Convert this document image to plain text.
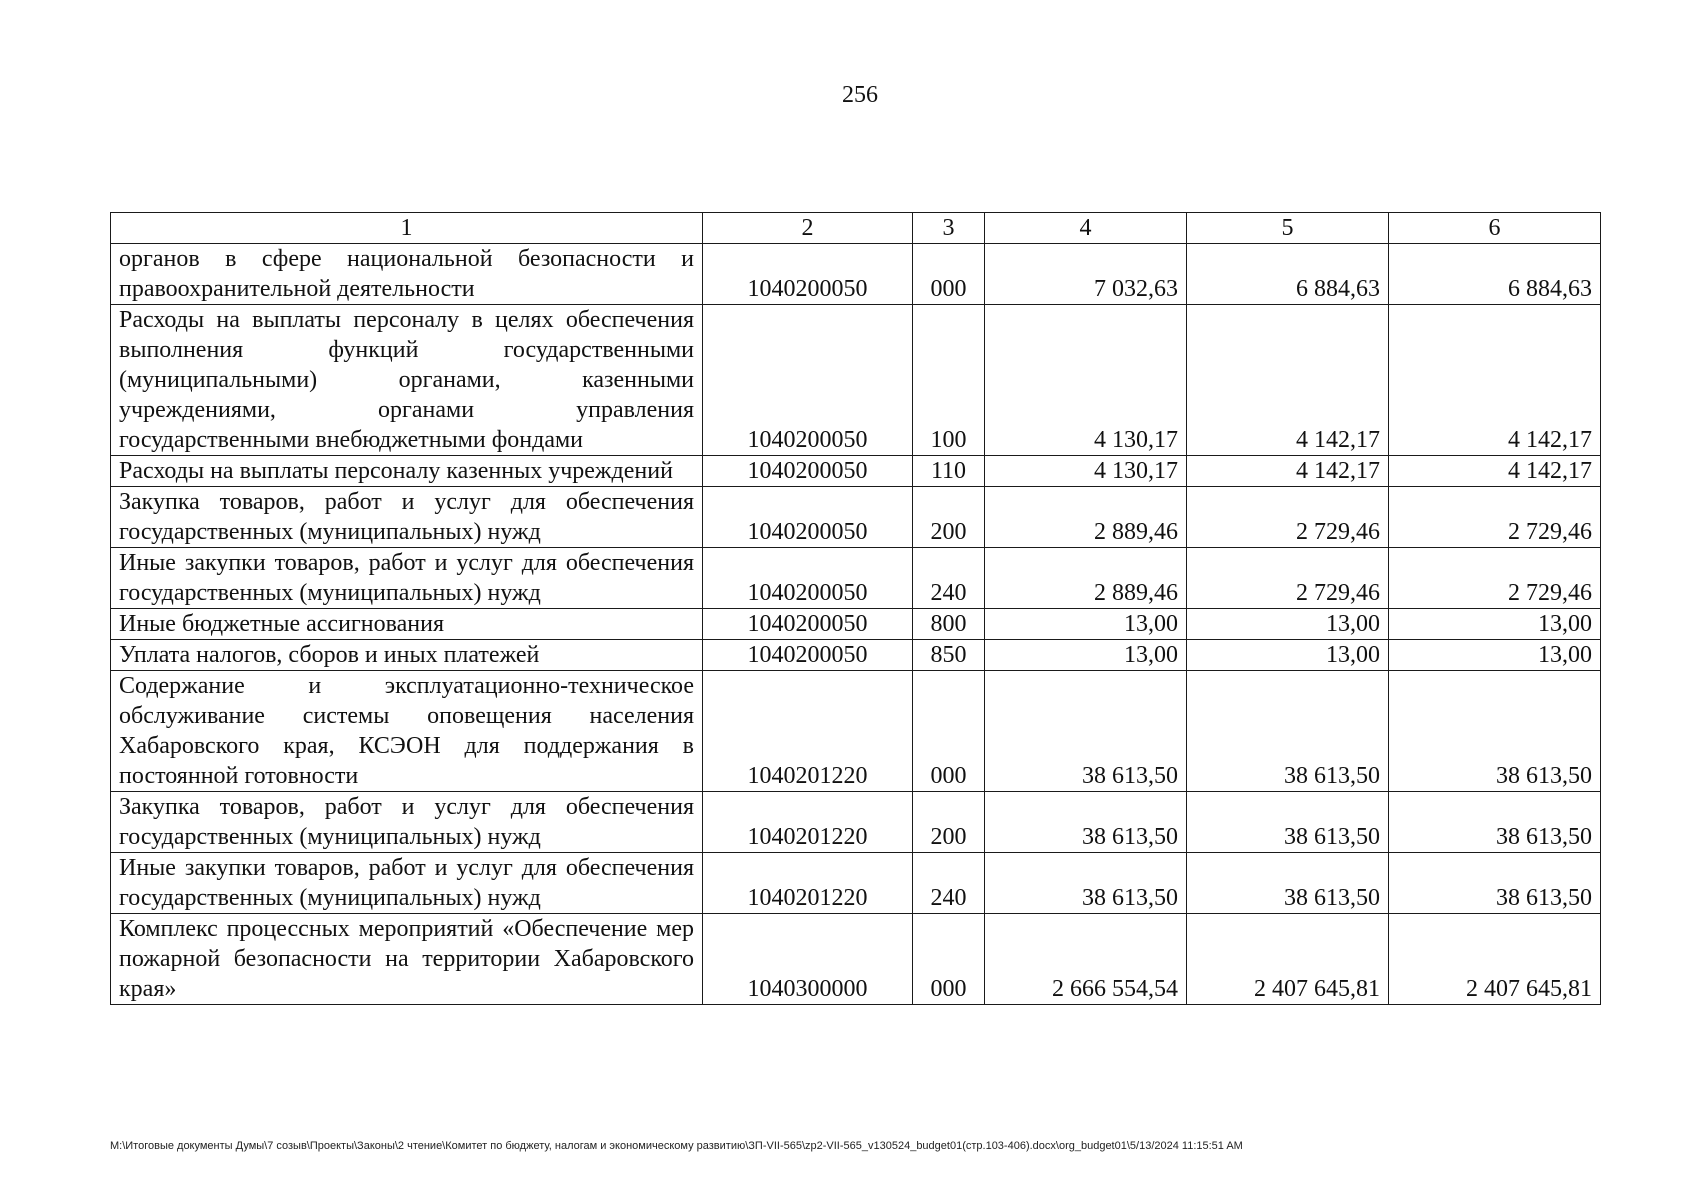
256
1	2	3	4	5	6
органов в сфере национальной безопасности и правоохранительной деятельности	1040200050	000	7 032,63	6 884,63	6 884,63
Расходы на выплаты персоналу в целях обеспечения выполнения функций государственными (муниципальными) органами, казенными учреждениями, органами управления государственными внебюджетными фондами	1040200050	100	4 130,17	4 142,17	4 142,17
Расходы на выплаты персоналу казенных учреждений	1040200050	110	4 130,17	4 142,17	4 142,17
Закупка товаров, работ и услуг для обеспечения государственных (муниципальных) нужд	1040200050	200	2 889,46	2 729,46	2 729,46
Иные закупки товаров, работ и услуг для обеспечения государственных (муниципальных) нужд	1040200050	240	2 889,46	2 729,46	2 729,46
Иные бюджетные ассигнования	1040200050	800	13,00	13,00	13,00
Уплата налогов, сборов и иных платежей	1040200050	850	13,00	13,00	13,00
Содержание и эксплуатационно-техническое обслуживание системы оповещения населения Хабаровского края, КСЭОН для поддержания в постоянной готовности	1040201220	000	38 613,50	38 613,50	38 613,50
Закупка товаров, работ и услуг для обеспечения государственных (муниципальных) нужд	1040201220	200	38 613,50	38 613,50	38 613,50
Иные закупки товаров, работ и услуг для обеспечения государственных (муниципальных) нужд	1040201220	240	38 613,50	38 613,50	38 613,50
Комплекс процессных мероприятий «Обеспечение мер пожарной безопасности на территории Хабаровского края»	1040300000	000	2 666 554,54	2 407 645,81	2 407 645,81
М:\Итоговые документы Думы\7 созыв\Проекты\Законы\2 чтение\Комитет по бюджету, налогам и экономическому развитию\ЗП-VII-565\zp2-VII-565_v130524_budget01(стр.103-406).docx\org_budget01\5/13/2024 11:15:51 AM
